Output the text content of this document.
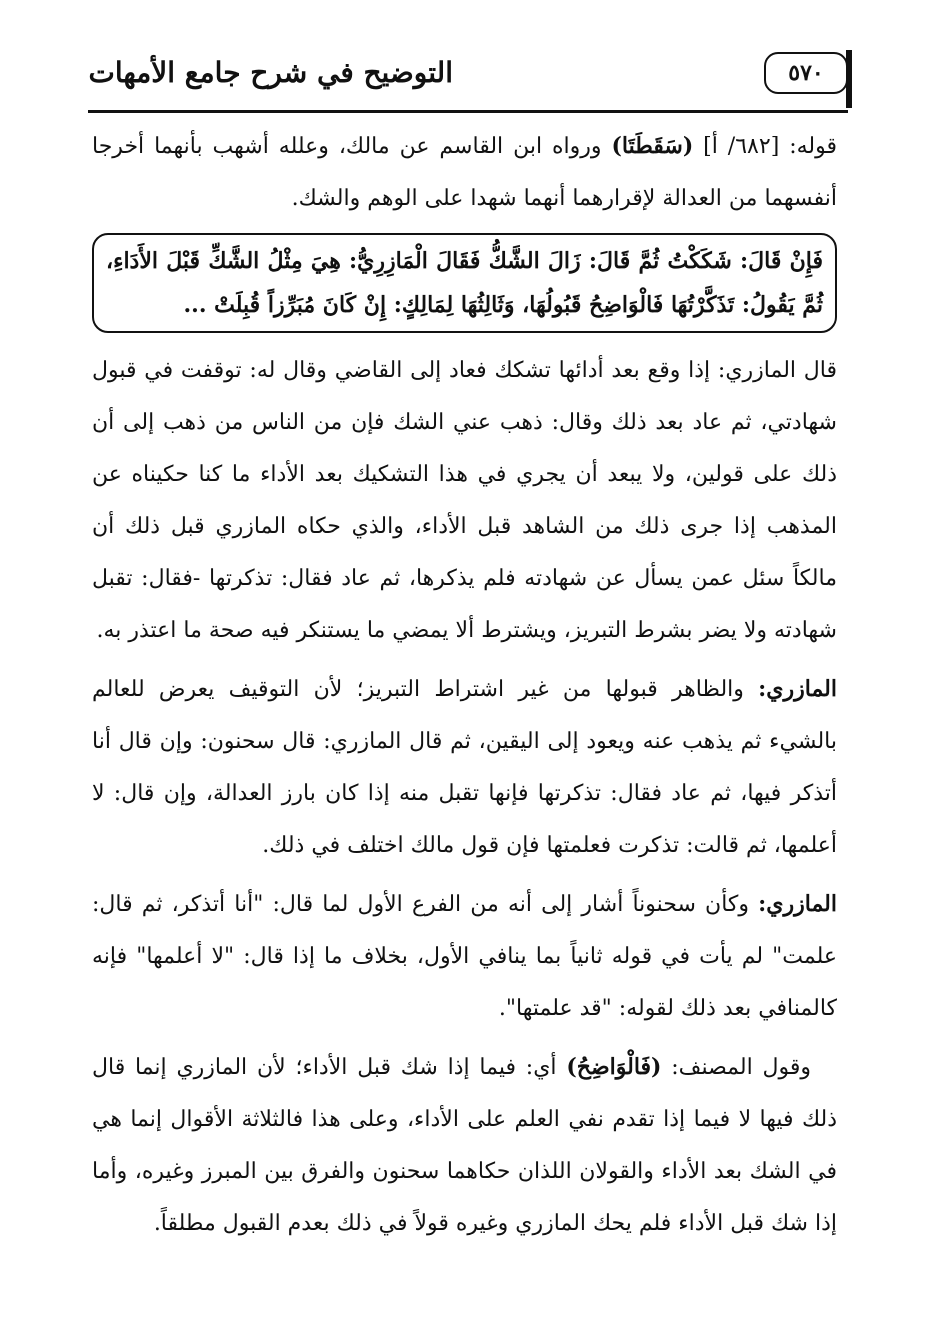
التوضيح في شرح جامع الأمهات	٥٧٠

قوله: [٦٨٢/ أ] (سَقَطَتَا) ورواه ابن القاسم عن مالك، وعلله أشهب بأنهما أخرجا أنفسهما من العدالة لإقرارهما أنهما شهدا على الوهم والشك.

فَإِنْ قَالَ: شَكَكْتُ ثُمَّ قَالَ: زَالَ الشَّكُّ فَقَالَ الْمَازِرِيُّ: هِيَ مِثْلُ الشَّكِّ قَبْلَ الأَدَاءِ، ثُمَّ يَقُولُ: تَذَكَّرْتُهَا فَالْوَاضِحُ قَبُولُهَا، وَثَالِثُهَا لِمَالِكٍ: إِنْ كَانَ مُبَرِّزاً قُبِلَتْ ...

قال المازري: إذا وقع بعد أدائها تشكك فعاد إلى القاضي وقال له: توقفت في قبول شهادتي، ثم عاد بعد ذلك وقال: ذهب عني الشك فإن من الناس من ذهب إلى أن ذلك على قولين، ولا يبعد أن يجري في هذا التشكيك بعد الأداء ما كنا حكيناه عن المذهب إذا جرى ذلك من الشاهد قبل الأداء، والذي حكاه المازري قبل ذلك أن مالكاً سئل عمن يسأل عن شهادته فلم يذكرها، ثم عاد فقال: تذكرتها -فقال: تقبل شهادته ولا يضر بشرط التبريز، ويشترط ألا يمضي ما يستنكر فيه صحة ما اعتذر به.

المازري: والظاهر قبولها من غير اشتراط التبريز؛ لأن التوقيف يعرض للعالم بالشيء ثم يذهب عنه ويعود إلى اليقين، ثم قال المازري: قال سحنون: وإن قال أنا أتذكر فيها، ثم عاد فقال: تذكرتها فإنها تقبل منه إذا كان بارز العدالة، وإن قال: لا أعلمها، ثم قالت: تذكرت فعلمتها فإن قول مالك اختلف في ذلك.

المازري: وكأن سحنوناً أشار إلى أنه من الفرع الأول لما قال: "أنا أتذكر، ثم قال: علمت" لم يأت في قوله ثانياً بما ينافي الأول، بخلاف ما إذا قال: "لا أعلمها" فإنه كالمنافي بعد ذلك لقوله: "قد علمتها".

وقول المصنف: (فَالْوَاضِحُ) أي: فيما إذا شك قبل الأداء؛ لأن المازري إنما قال ذلك فيها لا فيما إذا تقدم نفي العلم على الأداء، وعلى هذا فالثلاثة الأقوال إنما هي في الشك بعد الأداء والقولان اللذان حكاهما سحنون والفرق بين المبرز وغيره، وأما إذا شك قبل الأداء فلم يحك المازري وغيره قولاً في ذلك بعدم القبول مطلقاً.
